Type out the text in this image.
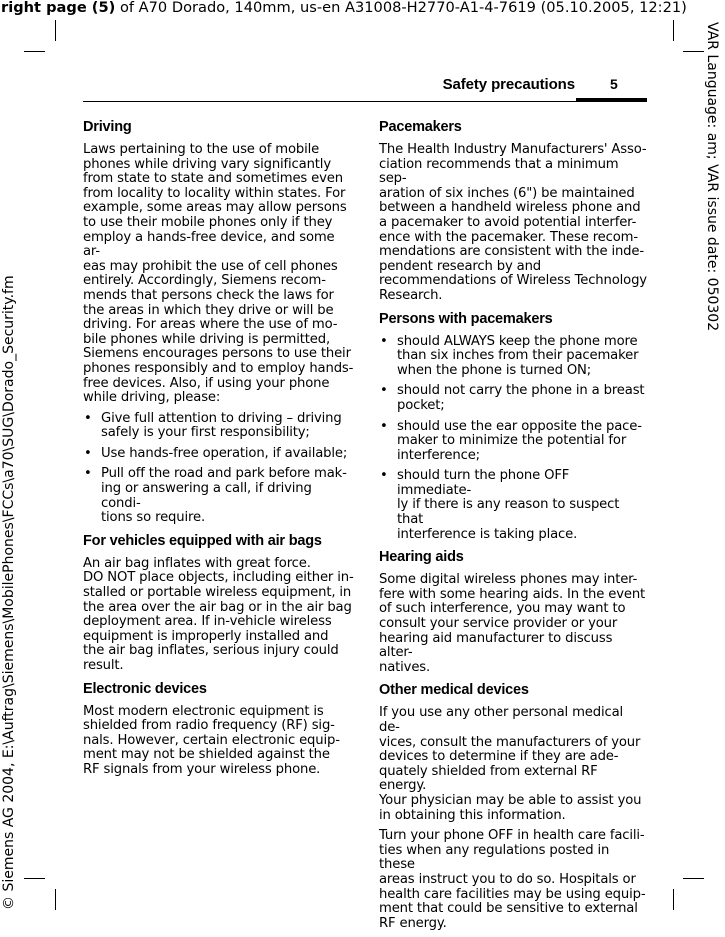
right page (5) of A70 Dorado, 140mm, us-en A31008-H2770-A1-4-7619 (05.10.2005, 12:21)
VAR Language: am; VAR issue date: 050302
© Siemens AG 2004, E:\Auftrag\Siemens\MobilePhones\FCCs\a70\SUG\Dorado_Security.fm
Safety precautions	5
Driving

Laws pertaining to the use of mobile
phones while driving vary significantly
from state to state and sometimes even
from locality to locality within states. For
example, some areas may allow persons
to use their mobile phones only if they
employ a hands-free device, and some ar-
eas may prohibit the use of cell phones
entirely. Accordingly, Siemens recom-
mends that persons check the laws for
the areas in which they drive or will be
driving. For areas where the use of mo-
bile phones while driving is permitted,
Siemens encourages persons to use their
phones responsibly and to employ hands-
free devices. Also, if using your phone
while driving, please:

• Give full attention to driving – driving
safely is your first responsibility;
• Use hands-free operation, if available;
• Pull off the road and park before mak-
ing or answering a call, if driving condi-
tions so require.
For vehicles equipped with air bags

An air bag inflates with great force.
DO NOT place objects, including either in-
stalled or portable wireless equipment, in
the area over the air bag or in the air bag
deployment area. If in-vehicle wireless
equipment is improperly installed and
the air bag inflates, serious injury could
result.

Electronic devices

Most modern electronic equipment is
shielded from radio frequency (RF) sig-
nals. However, certain electronic equip-
ment may not be shielded against the
RF signals from your wireless phone.

Pacemakers

The Health Industry Manufacturers' Asso-
ciation recommends that a minimum sep-
aration of six inches (6") be maintained
between a handheld wireless phone and
a pacemaker to avoid potential interfer-
ence with the pacemaker. These recom-
mendations are consistent with the inde-
pendent research by and
recommendations of Wireless Technology
Research.

Persons with pacemakers
• should ALWAYS keep the phone more
than six inches from their pacemaker
when the phone is turned ON;
• should not carry the phone in a breast
pocket;
• should use the ear opposite the pace-
maker to minimize the potential for
interference;
• should turn the phone OFF immediate-
ly if there is any reason to suspect that
interference is taking place.
Hearing aids

Some digital wireless phones may inter-
fere with some hearing aids. In the event
of such interference, you may want to
consult your service provider or your
hearing aid manufacturer to discuss alter-
natives.

Other medical devices

If you use any other personal medical de-
vices, consult the manufacturers of your
devices to determine if they are ade-
quately shielded from external RF energy.
Your physician may be able to assist you
in obtaining this information.

Turn your phone OFF in health care facili-
ties when any regulations posted in these
areas instruct you to do so. Hospitals or
health care facilities may be using equip-
ment that could be sensitive to external
RF energy.
